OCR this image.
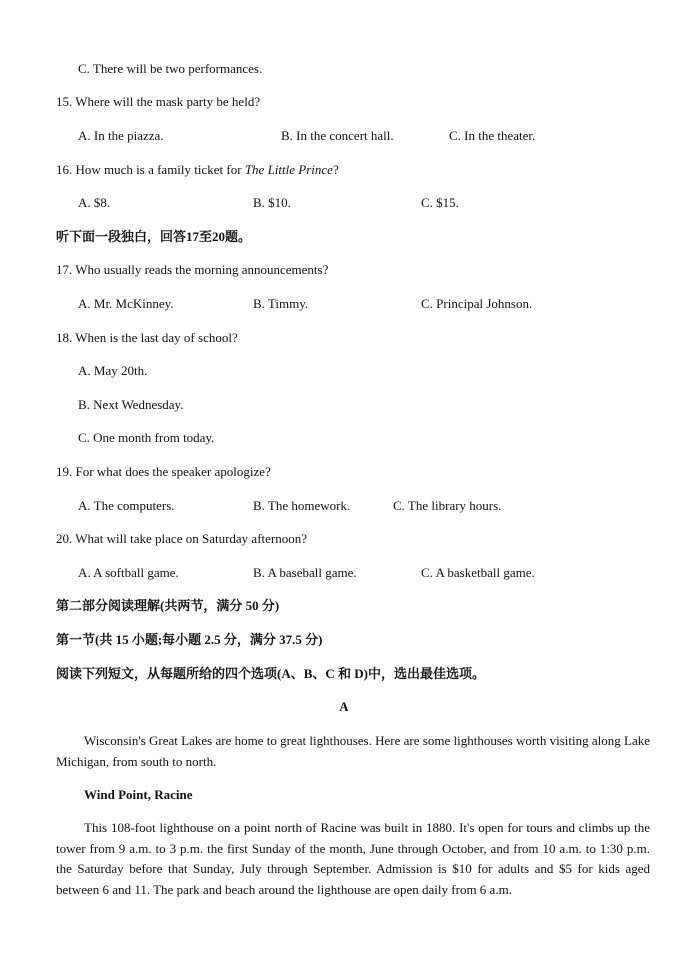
C. There will be two performances.
15. Where will the mask party be held?
A. In the piazza.	B. In the concert hall.	C. In the theater.
16. How much is a family ticket for The Little Prince?
A. $8.	B. $10.	C. $15.
听下面一段独白，回答17至20题。
17. Who usually reads the morning announcements?
A. Mr. McKinney.	B. Timmy.	C. Principal Johnson.
18. When is the last day of school?
A. May 20th.
B. Next Wednesday.
C. One month from today.
19. For what does the speaker apologize?
A. The computers.	B. The homework.	C. The library hours.
20. What will take place on Saturday afternoon?
A. A softball game.	B. A baseball game.	C. A basketball game.
第二部分阅读理解(共两节，满分 50 分)
第一节(共 15 小题;每小题 2.5 分，满分 37.5 分)
阅读下列短文，从每题所给的四个选项(A、B、C 和 D)中，选出最佳选项。
A
Wisconsin's Great Lakes are home to great lighthouses. Here are some lighthouses worth visiting along Lake Michigan, from south to north.
Wind Point, Racine
This 108-foot lighthouse on a point north of Racine was built in 1880. It's open for tours and climbs up the tower from 9 a.m. to 3 p.m. the first Sunday of the month, June through October, and from 10 a.m. to 1:30 p.m. the Saturday before that Sunday, July through September. Admission is $10 for adults and $5 for kids aged between 6 and 11. The park and beach around the lighthouse are open daily from 6 a.m.
